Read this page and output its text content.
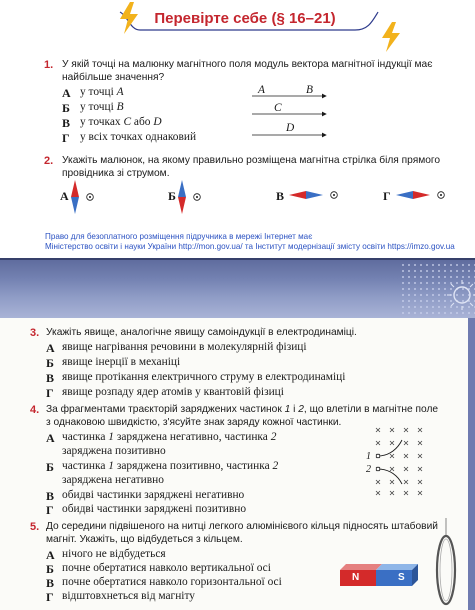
Перевірте себе (§ 16–21)
1. У якій точці на малюнку магнітного поля модуль вектора магнітної індукції має найбільше значення?
А у точці A
Б у точці B
В у точках C або D
Г у всіх точках однаковий
A	B
C
D
2. Укажіть малюнок, на якому правильно розміщена магнітна стрілка біля прямого провідника зі струмом.
А	Б	В	Г
Право для безоплатного розміщення підручника в мережі Інтернет має
Міністерство освіти і науки України http://mon.gov.ua/ та Інститут модернізації змісту освіти https://imzo.gov.ua
3. Укажіть явище, аналогічне явищу самоіндукції в електродинаміці.
А явище нагрівання речовини в молекулярній фізиці
Б явище інерції в механіці
В явище протікання електричного струму в електродинаміці
Г явище розпаду ядер атомів у квантовій фізиці
4. За фрагментами траєкторій заряджених частинок 1 і 2, що влетіли в магнітне поле
з однаковою швидкістю, з'ясуйте знак заряду кожної частинки.
А частинка 1 заряджена негативно, частинка 2
заряджена позитивно
Б частинка 1 заряджена позитивно, частинка 2
заряджена негативно
В обидві частинки заряджені негативно
Г обидві частинки заряджені позитивно
1
2
5. До середини підвішеного на нитці легкого алюмінієвого кільця підносять штабовий
магніт. Укажіть, що відбудеться з кільцем.
А нічого не відбудеться
Б почне обертатися навколо вертикальної осі
В почне обертатися навколо горизонтальної осі
Г відштовхнеться від магніту
N	S
